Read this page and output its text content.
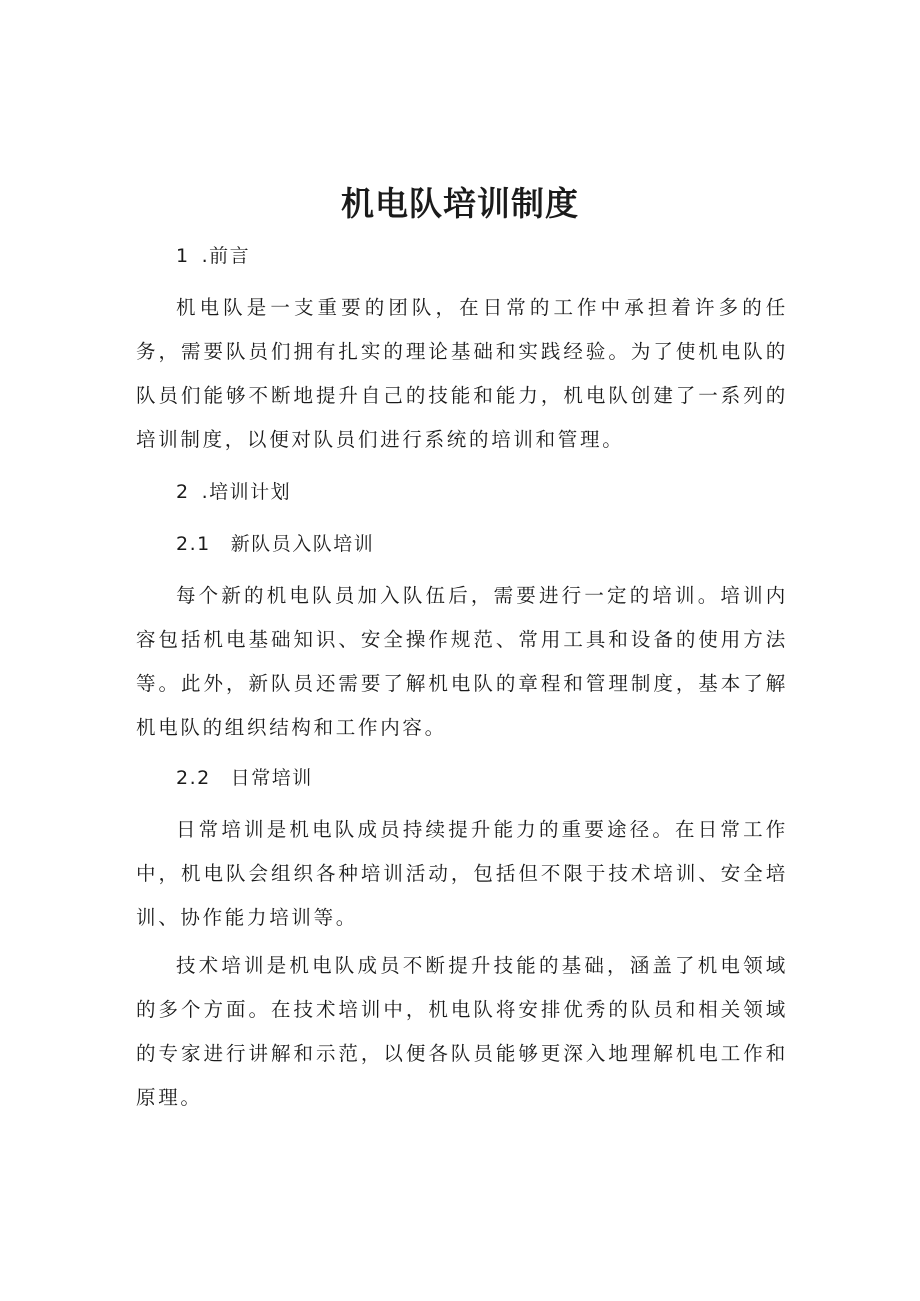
机电队培训制度
1 .前言

机电队是一支重要的团队，在日常的工作中承担着许多的任务，需要队员们拥有扎实的理论基础和实践经验。为了使机电队的队员们能够不断地提升自己的技能和能力，机电队创建了一系列的培训制度，以便对队员们进行系统的培训和管理。

2 .培训计划
2.1 新队员入队培训

每个新的机电队员加入队伍后，需要进行一定的培训。培训内容包括机电基础知识、安全操作规范、常用工具和设备的使用方法等。此外，新队员还需要了解机电队的章程和管理制度，基本了解机电队的组织结构和工作内容。

2.2 日常培训

日常培训是机电队成员持续提升能力的重要途径。在日常工作中，机电队会组织各种培训活动，包括但不限于技术培训、安全培训、协作能力培训等。

技术培训是机电队成员不断提升技能的基础，涵盖了机电领域的多个方面。在技术培训中，机电队将安排优秀的队员和相关领域的专家进行讲解和示范，以便各队员能够更深入地理解机电工作和原理。
